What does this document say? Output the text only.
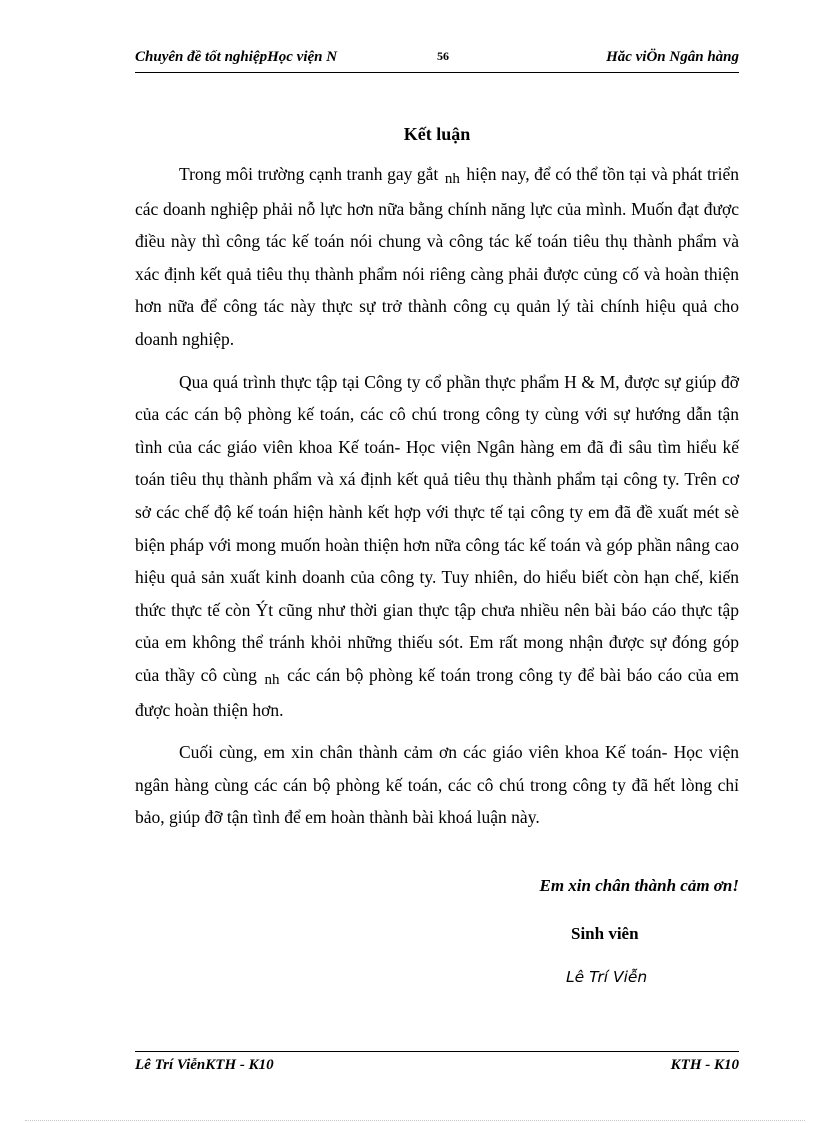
Chuyên đề tốt nghiệpHọc viện N	56	Hăc viÖn Ngân hàng
Kết luận

Trong môi trường cạnh tranh gay gắt nh hiện nay, để có thể tồn tại và phát triển các doanh nghiệp phải nỗ lực hơn nữa bằng chính năng lực của mình. Muốn đạt được điều này thì công tác kế toán nói chung và công tác kế toán tiêu thụ thành phẩm và xác định kết quả tiêu thụ thành phẩm nói riêng càng phải được củng cố và hoàn thiện hơn nữa để công tác này thực sự trở thành công cụ quản lý tài chính hiệu quả cho doanh nghiệp.

Qua quá trình thực tập tại Công ty cổ phần thực phẩm H & M, được sự giúp đỡ của các cán bộ phòng kế toán, các cô chú trong công ty cùng với sự hướng dẫn tận tình của các giáo viên khoa Kế toán- Học viện Ngân hàng em đã đi sâu tìm hiểu kế toán tiêu thụ thành phẩm và xá định kết quả tiêu thụ thành phẩm tại công ty. Trên cơ sở các chế độ kế toán hiện hành kết hợp với thực tế tại công ty em đã đề xuất mét sè biện pháp với mong muốn hoàn thiện hơn nữa công tác kế toán và góp phần nâng cao hiệu quả sản xuất kinh doanh của công ty. Tuy nhiên, do hiểu biết còn hạn chế, kiến thức thực tế còn Ýt cũng như thời gian thực tập chưa nhiều nên bài báo cáo thực tập của em không thể tránh khỏi những thiếu sót. Em rất mong nhận được sự đóng góp của thầy cô cùng nh các cán bộ phòng kế toán trong công ty để bài báo cáo của em được hoàn thiện hơn.

Cuối cùng, em xin chân thành cảm ơn các giáo viên khoa Kế toán- Học viện ngân hàng cùng các cán bộ phòng kế toán, các cô chú trong công ty đã hết lòng chỉ bảo, giúp đỡ tận tình để em hoàn thành bài khoá luận này.

Em xin chân thành cảm ơn!
Sinh viên
Lê Trí Viễn
Lê Trí ViễnKTH - K10	KTH - K10
